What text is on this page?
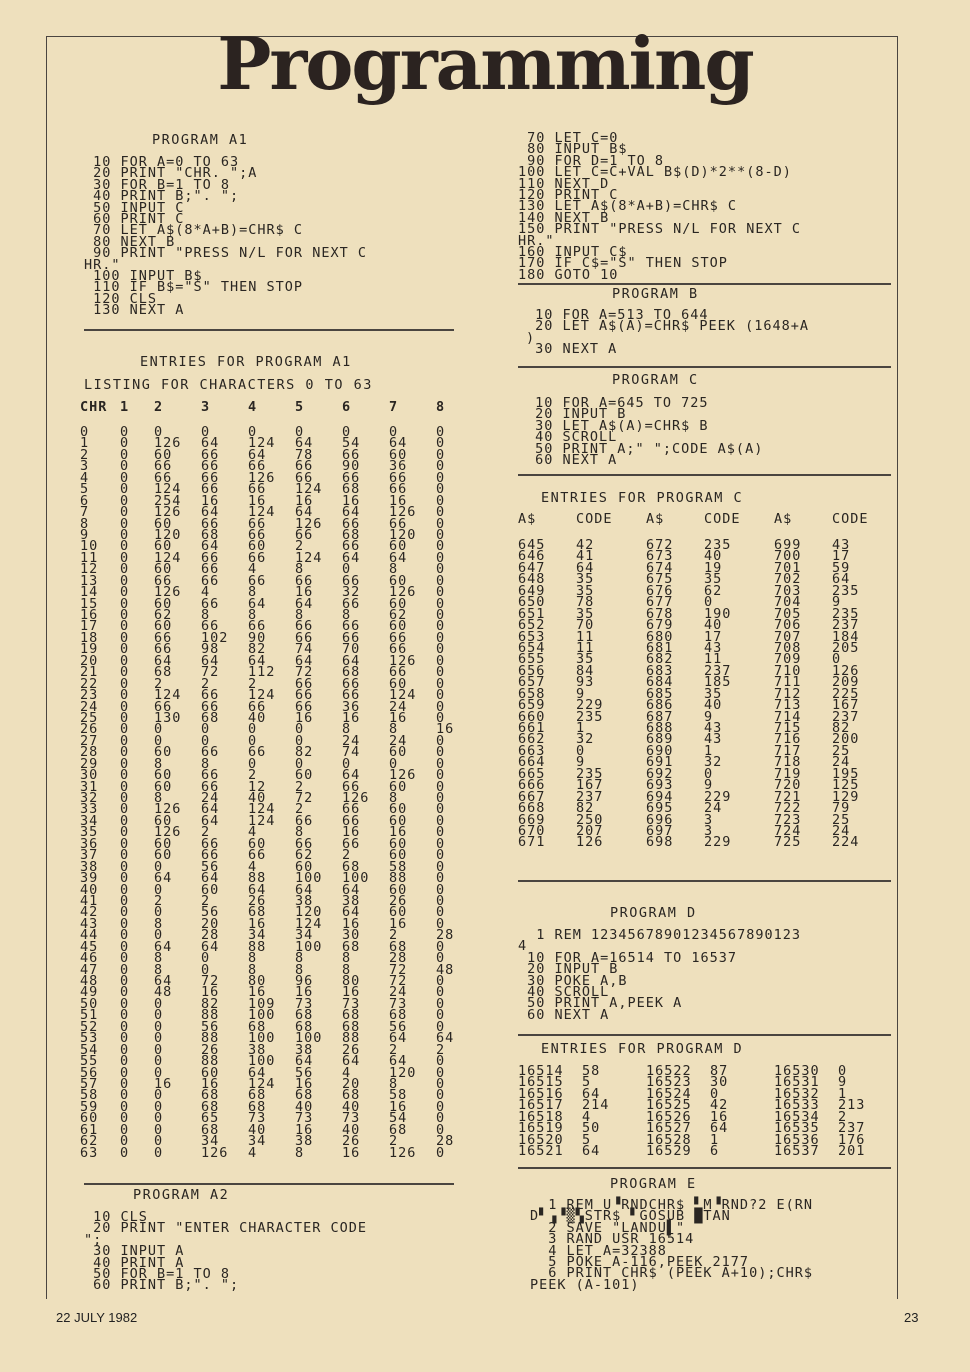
Programming
PROGRAM A1
10 FOR A=0 TO 63
20 PRINT "CHR. ";A
30 FOR B=1 TO 8
40 PRINT B;". ";
50 INPUT C
60 PRINT C
70 LET A$(8*A+B)=CHR$ C
80 NEXT B
90 PRINT "PRESS N/L FOR NEXT C
HR."
100 INPUT B$
110 IF B$="S" THEN STOP
120 CLS
130 NEXT A
ENTRIES FOR PROGRAM A1
LISTING FOR CHARACTERS 0 TO 63
CHR 1	2	3	4	5	6	7	8
0	0	0	0	0	0	0	0	0
1	0	126	64	124	64	54	64	0
2	0	60	66	64	78	66	60	0
3	0	66	66	66	66	90	36	0
4	0	66	66	126	66	66	66	0
5	0	124	66	66	124	68	66	0
6	0	254	16	16	16	16	16	0
7	0	126	64	124	64	64	126	0
8	0	60	66	66	126	66	66	0
9	0	120	68	66	66	68	120	0
10	0	60	64	60	2	66	60	0
11	0	124	66	66	124	64	64	0
12	0	60	66	4	8	0	8	0
13	0	66	66	66	66	66	60	0
14	0	126	4	8	16	32	126	0
15	0	60	66	64	64	66	60	0
16	0	62	8	8	8	8	62	0
17	0	60	66	66	66	66	60	0
18	0	66	102	90	66	66	66	0
19	0	66	98	82	74	70	66	0
20	0	64	64	64	64	64	126	0
21	0	68	72	112	72	68	66	0
22	0	2	2	2	66	66	60	0
23	0	124	66	124	66	66	124	0
24	0	66	66	66	66	36	24	0
25	0	130	68	40	16	16	16	0
26	0	0	0	0	0	8	8	16
27	0	0	0	0	0	24	24	0
28	0	60	66	66	82	74	60	0
29	0	8	8	0	0	0	0	0
30	0	60	66	2	60	64	126	0
31	0	60	66	12	2	66	60	0
32	0	8	24	40	72	126	8	0
33	0	126	64	124	2	66	60	0
34	0	60	64	124	66	66	60	0
35	0	126	2	4	8	16	16	0
36	0	60	66	60	66	66	60	0
37	0	60	66	66	62	2	60	0
38	0	0	56	4	60	68	58	0
39	0	64	64	88	100	100	88	0
40	0	0	60	64	64	64	60	0
41	0	2	2	26	38	38	26	0
42	0	0	56	68	120	64	60	0
43	0	8	20	16	124	16	16	0
44	0	0	28	34	34	30	2	28
45	0	64	64	88	100	68	68	0
46	0	8	0	8	8	8	28	0
47	0	8	0	8	8	8	72	48
48	0	64	72	80	96	80	72	0
49	0	48	16	16	16	16	24	0
50	0	0	82	109	73	73	73	0
51	0	0	88	100	68	68	68	0
52	0	0	56	68	68	68	56	0
53	0	0	88	100	100	88	64	64
54	0	0	26	38	38	26	2	2
55	0	0	88	100	64	64	64	0
56	0	0	60	64	56	4	120	0
57	0	16	16	124	16	20	8	0
58	0	0	68	68	68	68	58	0
59	0	0	68	68	40	40	16	0
60	0	0	65	73	73	73	54	0
61	0	0	68	40	16	40	68	0
62	0	0	34	34	38	26	2	28
63	0	0	126	4	8	16	126	0
PROGRAM A2
10 CLS
20 PRINT "ENTER CHARACTER CODE
";
30 INPUT A
40 PRINT A
50 FOR B=1 TO 8
60 PRINT B;". ";
70 LET C=0
80 INPUT B$
90 FOR D=1 TO 8
100 LET C=C+VAL B$(D)*2**(8-D)
110 NEXT D
120 PRINT C
130 LET A$(8*A+B)=CHR$ C
140 NEXT B
150 PRINT "PRESS N/L FOR NEXT C
HR."
160 INPUT C$
170 IF C$="S" THEN STOP
180 GOTO 10
PROGRAM B
10 FOR A=513 TO 644
20 LET A$(A)=CHR$ PEEK (1648+A
)
30 NEXT A
PROGRAM C
10 FOR A=645 TO 725
20 INPUT B
30 LET A$(A)=CHR$ B
40 SCROLL
50 PRINT A;" ";CODE A$(A)
60 NEXT A
ENTRIES FOR PROGRAM C
A$	CODE	A$	CODE	A$	CODE
645	42	672	235	699	43
646	41	673	40	700	17
647	64	674	19	701	59
648	35	675	35	702	64
649	35	676	62	703	235
650	78	677	0	704	9
651	35	678	190	705	235
652	70	679	40	706	237
653	11	680	17	707	184
654	11	681	43	708	205
655	35	682	11	709	0
656	84	683	237	710	126
657	93	684	185	711	209
658	9	685	35	712	225
659	229	686	40	713	167
660	235	687	9	714	237
661	1	688	43	715	82
662	32	689	43	716	200
663	0	690	1	717	25
664	9	691	32	718	24
665	235	692	0	719	195
666	167	693	9	720	125
667	237	694	229	721	129
668	82	695	24	722	79
669	250	696	3	723	25
670	207	697	3	724	24
671	126	698	229	725	224
PROGRAM D
1 REM 12345678901234567890123
4
10 FOR A=16514 TO 16537
20 INPUT B
30 POKE A,B
40 SCROLL
50 PRINT A,PEEK A
60 NEXT A
ENTRIES FOR PROGRAM D
16514	58	16522	87	16530	0
16515	5	16523	30	16531	9
16516	64	16524	0	16532	1
16517	214	16525	42	16533	213
16518	4	16526	16	16534	2
16519	50	16527	64	16535	237
16520	5	16528	1	16536	176
16521	64	16529	6	16537	201
PROGRAM E
1 REM U▝RNDCHR$ ▘M▝RND?2 E(RN
D▘▗▝▒▚STR$ ▘GOSUB █TAN
2 SAVE "LANDU▌"
3 RAND USR 16514
4 LET A=32388
5 POKE A-116,PEEK 2177
6 PRINT CHR$ (PEEK A+10);CHR$
PEEK (A-101)
22 JULY 1982	23
